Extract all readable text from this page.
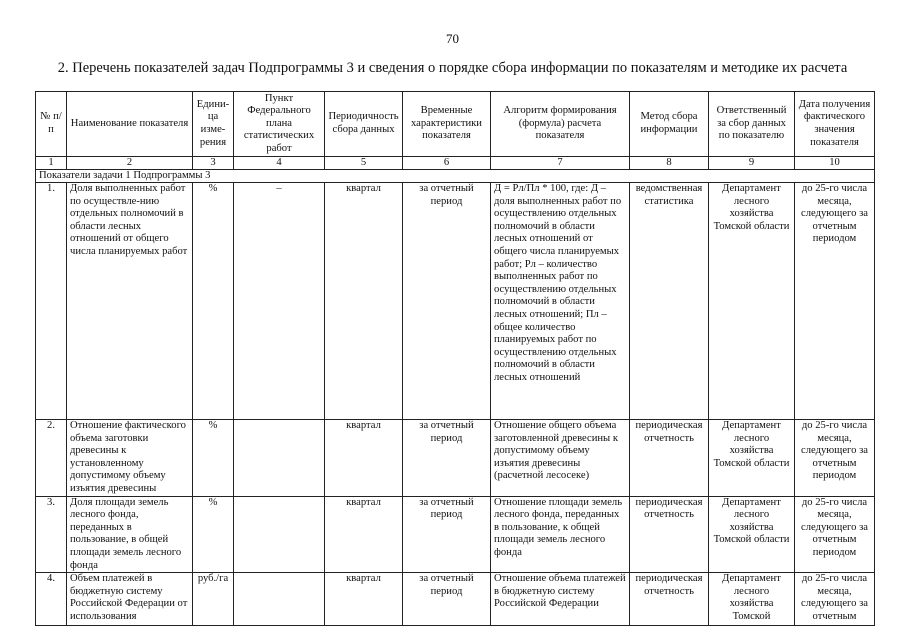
70
2. Перечень показателей задач Подпрограммы 3 и сведения о порядке сбора информации по показателям и методике их расчета
№ п/п	Наименование показателя	Едини-ца изме-рения	Пункт Федерального плана статистических работ	Периодичность сбора данных	Временные характеристики показателя	Алгоритм формирования (формула) расчета показателя	Метод сбора информации	Ответственный за сбор данных по показателю	Дата получения фактического значения показателя
1	2	3	4	5	6	7	8	9	10
Показатели задачи 1 Подпрограммы 3									
1.	Доля выполненных работ по осуществле-нию отдельных полномочий в области лесных отношений от общего числа планируемых работ	%	–	квартал	за отчетный период	Д = Рл/Пл * 100, где: Д – доля выполненных работ по осуществлению отдельных полномочий в области лесных отношений от общего числа планируемых работ; Рл – количество выполненных работ по осуществлению отдельных полномочий в области лесных отношений; Пл – общее количество планируемых работ по осуществлению отдельных полномочий в области лесных отношений	ведомственная статистика	Департамент лесного хозяйства Томской области	до 25-го числа месяца, следующего за отчетным периодом
2.	Отношение фактического объема заготовки древесины к установленному допустимому объему изъятия древесины	%		квартал	за отчетный период	Отношение общего объема заготовленной древесины к допустимому объему изъятия древесины (расчетной лесосеке)	периодическая отчетность	Департамент лесного хозяйства Томской области	до 25-го числа месяца, следующего за отчетным периодом
3.	Доля площади земель лесного фонда, переданных в пользование, в общей площади земель лесного фонда	%		квартал	за отчетный период	Отношение площади земель лесного фонда, переданных в пользование, к общей площади земель лесного фонда	периодическая отчетность	Департамент лесного хозяйства Томской области	до 25-го числа месяца, следующего за отчетным периодом
4.	Объем платежей в бюджетную систему Российской Федерации от использования	руб./га		квартал	за отчетный период	Отношение объема платежей в бюджетную систему Российской Федерации	периодическая отчетность	Департамент лесного хозяйства Томской	до 25-го числа месяца, следующего за отчетным
